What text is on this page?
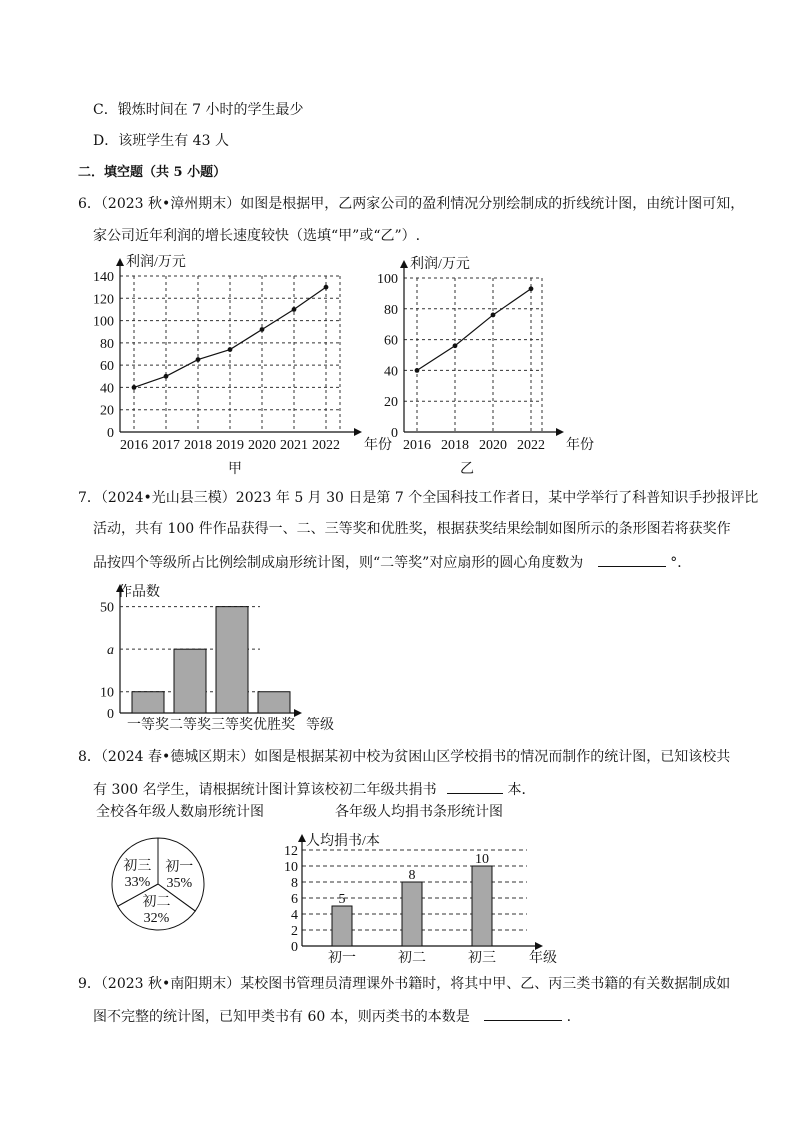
C．锻炼时间在 7 小时的学生最少
D．该班学生有 43 人
二．填空题（共 5 小题）
6．（2023 秋•漳州期末）如图是根据甲，乙两家公司的盈利情况分别绘制成的折线统计图，由统计图可知，
家公司近年利润的增长速度较快（选填“甲”或“乙”）.
0
20
40
60
80
100
120
140
2016 2017 2018 2019 2020 2021 2022
利润/万元
年份
甲
0
20
40
60
80
100
2016 2018 2020 2022
利润/万元
年份
乙
7．（2024•光山县三模）2023 年 5 月 30 日是第 7 个全国科技工作者日，某中学举行了科普知识手抄报评比
活动，共有 100 件作品获得一、二、三等奖和优胜奖，根据获奖结果绘制如图所示的条形图若将获奖作
品按四个等级所占比例绘制成扇形统计图，则“二等奖”对应扇形的圆心角度数为	°．
作品数
等级
0
10
a
50
一等奖 二等奖 三等奖 优胜奖
8．（2024 春•德城区期末）如图是根据某初中校为贫困山区学校捐书的情况而制作的统计图，已知该校共
有 300 名学生，请根据统计图计算该校初二年级共捐书	本．
全校各年级人数扇形统计图
初一
35%
初二
32%
初三
33%
各年级人均捐书条形统计图
0
2
4
6
8
10
12
人均捐书/本
年级
5
8
10
初一	初二	初三
9．（2023 秋•南阳期末）某校图书管理员清理课外书籍时，将其中甲、乙、丙三类书籍的有关数据制成如
图不完整的统计图，已知甲类书有 60 本，则丙类书的本数是	.
